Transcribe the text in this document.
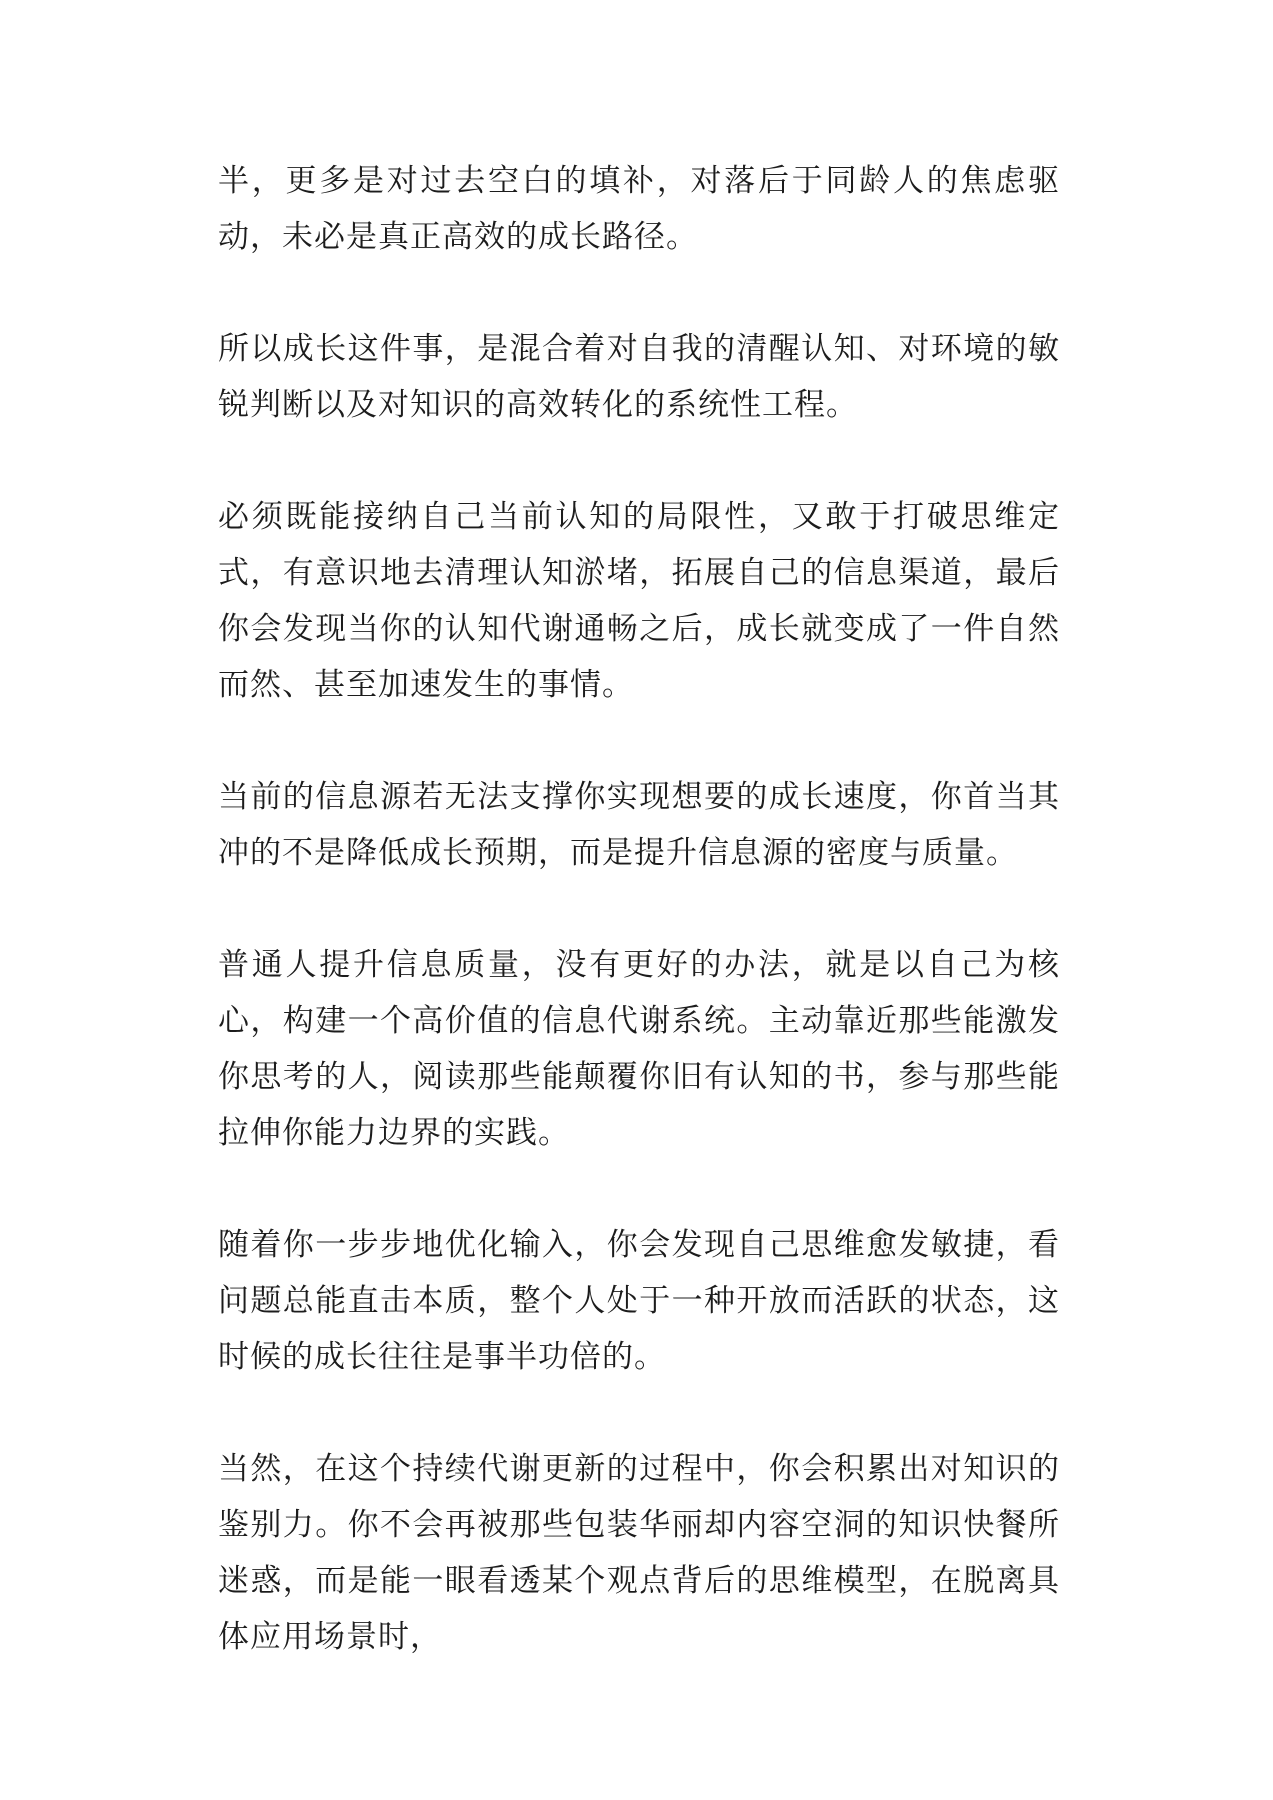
半，更多是对过去空白的填补，对落后于同龄人的焦虑驱动，未必是真正高效的成长路径。

所以成长这件事，是混合着对自我的清醒认知、对环境的敏锐判断以及对知识的高效转化的系统性工程。

必须既能接纳自己当前认知的局限性，又敢于打破思维定式，有意识地去清理认知淤堵，拓展自己的信息渠道，最后你会发现当你的认知代谢通畅之后，成长就变成了一件自然而然、甚至加速发生的事情。

当前的信息源若无法支撑你实现想要的成长速度，你首当其冲的不是降低成长预期，而是提升信息源的密度与质量。

普通人提升信息质量，没有更好的办法，就是以自己为核心，构建一个高价值的信息代谢系统。主动靠近那些能激发你思考的人，阅读那些能颠覆你旧有认知的书，参与那些能拉伸你能力边界的实践。

随着你一步步地优化输入，你会发现自己思维愈发敏捷，看问题总能直击本质，整个人处于一种开放而活跃的状态，这时候的成长往往是事半功倍的。

当然，在这个持续代谢更新的过程中，你会积累出对知识的鉴别力。你不会再被那些包装华丽却内容空洞的知识快餐所迷惑，而是能一眼看透某个观点背后的思维模型，在脱离具体应用场景时，
